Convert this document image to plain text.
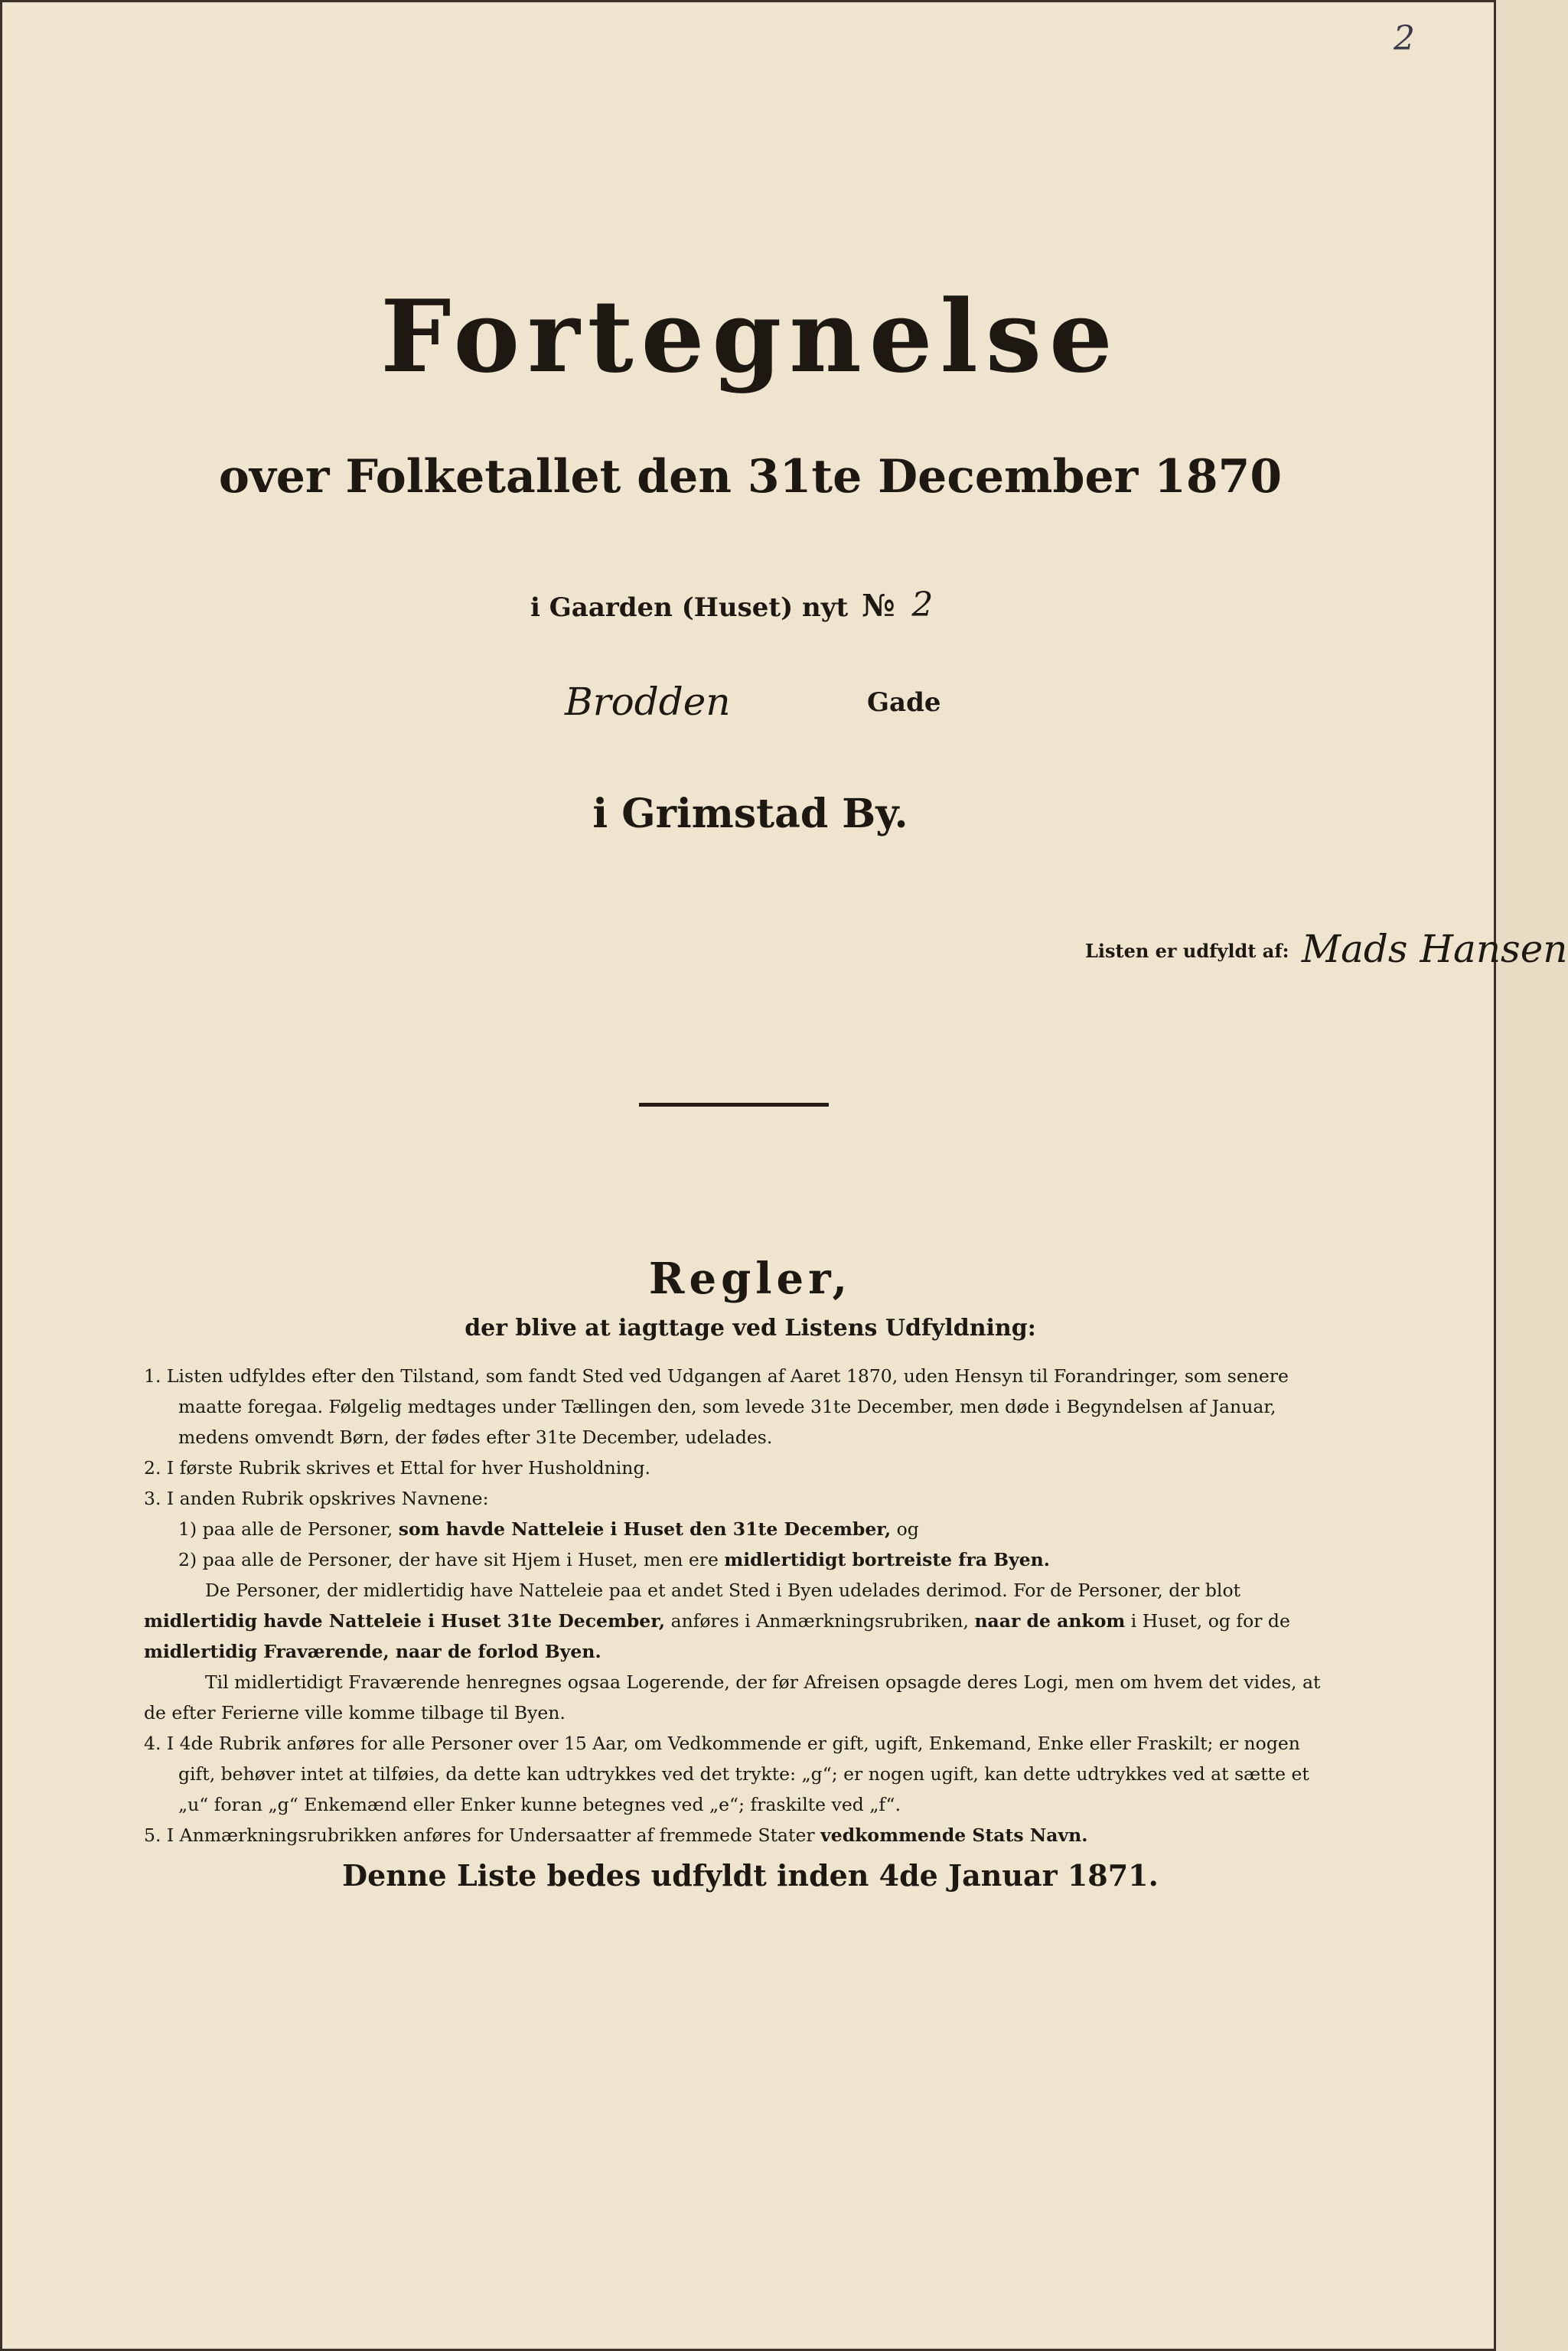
2
Fortegnelse
over Folketallet den 31te December 1870
i Gaarden (Huset) nyt № 2
Brodden	Gade
i Grimstad By.
Listen er udfyldt af: Mads Hansen
Regler,
der blive at iagttage ved Listens Udfyldning:

1. Listen udfyldes efter den Tilstand, som fandt Sted ved Udgangen af Aaret 1870, uden Hensyn til Forandringer, som senere maatte foregaa. Følgelig medtages under Tællingen den, som levede 31te December, men døde i Begyndelsen af Januar, medens omvendt Børn, der fødes efter 31te December, udelades.

2. I første Rubrik skrives et Ettal for hver Husholdning.

3. I anden Rubrik opskrives Navnene:

1) paa alle de Personer, som havde Natteleie i Huset den 31te December, og

2) paa alle de Personer, der have sit Hjem i Huset, men ere midlertidigt bortreiste fra Byen.

De Personer, der midlertidig have Natteleie paa et andet Sted i Byen udelades derimod. For de Personer, der blot midlertidig havde Natteleie i Huset 31te December, anføres i Anmærkningsrubriken, naar de ankom i Huset, og for de midlertidig Fraværende, naar de forlod Byen.

Til midlertidigt Fraværende henregnes ogsaa Logerende, der før Afreisen opsagde deres Logi, men om hvem det vides, at de efter Ferierne ville komme tilbage til Byen.

4. I 4de Rubrik anføres for alle Personer over 15 Aar, om Vedkommende er gift, ugift, Enkemand, Enke eller Fraskilt; er nogen gift, behøver intet at tilføies, da dette kan udtrykkes ved det trykte: „g“; er nogen ugift, kan dette udtrykkes ved at sætte et „u“ foran „g“ Enkemænd eller Enker kunne betegnes ved „e“; fraskilte ved „f“.

5. I Anmærkningsrubrikken anføres for Undersaatter af fremmede Stater vedkommende Stats Navn.

Denne Liste bedes udfyldt inden 4de Januar 1871.
